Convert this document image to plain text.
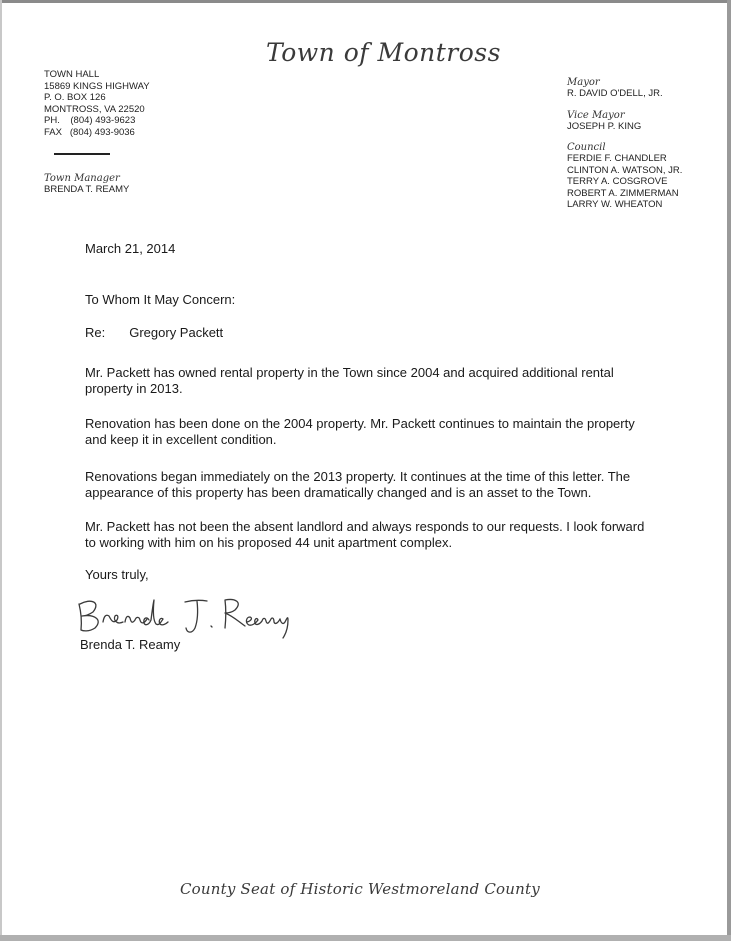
Town of Montross
TOWN HALL
15869 KINGS HIGHWAY
P. O. BOX 126
MONTROSS, VA 22520
PH.    (804) 493-9623
FAX   (804) 493-9036
Town Manager
BRENDA T. REAMY
Mayor
R. DAVID O'DELL, JR.
Vice Mayor
JOSEPH P. KING
Council
FERDIE F. CHANDLER
CLINTON A. WATSON, JR.
TERRY A. COSGROVE
ROBERT A. ZIMMERMAN
LARRY W. WHEATON
March 21, 2014
To Whom It May Concern:
Re: Gregory Packett
Mr. Packett has owned rental property in the Town since 2004 and acquired additional rental property in 2013.
Renovation has been done on the 2004 property. Mr. Packett continues to maintain the property and keep it in excellent condition.
Renovations began immediately on the 2013 property. It continues at the time of this letter. The appearance of this property has been dramatically changed and is an asset to the Town.
Mr. Packett has not been the absent landlord and always responds to our requests. I look forward to working with him on his proposed 44 unit apartment complex.
Yours truly,
Brenda T. Reamy
County Seat of Historic Westmoreland County
